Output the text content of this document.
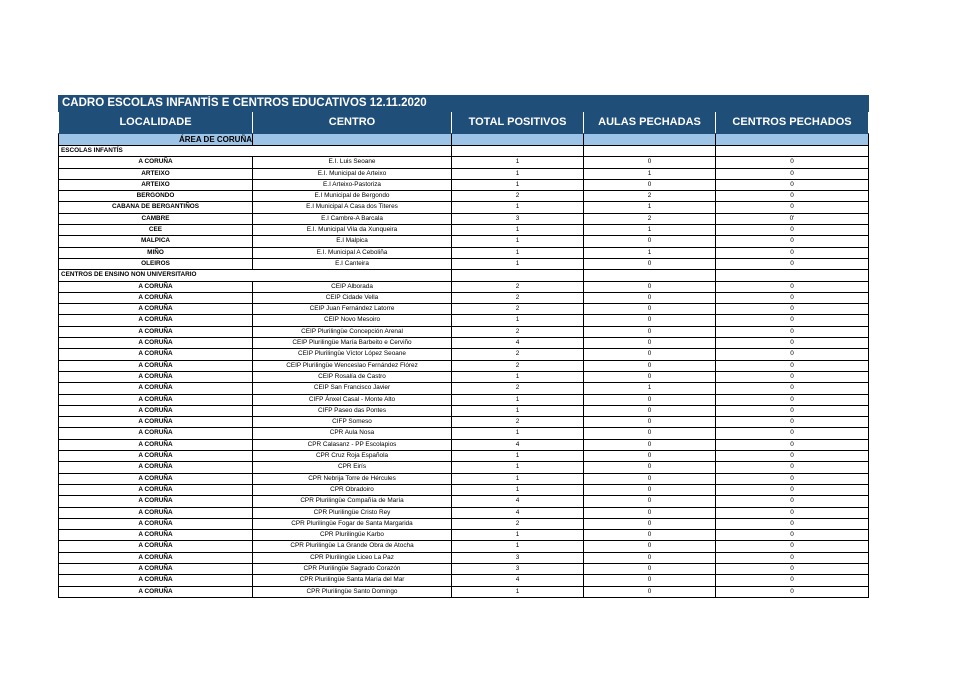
CADRO ESCOLAS INFANTÍS E CENTROS EDUCATIVOS 12.11.2020				
LOCALIDADE	CENTRO	TOTAL POSITIVOS	AULAS PECHADAS	CENTROS PECHADOS
ÁREA DE CORUÑA				
ESCOLAS INFANTÍS				
A CORUÑA	E.I. Luis Seoane	1	0	0
ARTEIXO	E.I. Municipal de Arteixo	1	1	0
ARTEIXO	E.I Arteixo-Pastoriza	1	0	0
BERGONDO	E.I Municipal de Bergondo	2	2	0
CABANA DE BERGANTIÑOS	E.I Municipal A Casa dos Titeres	1	1	0
CAMBRE	E.I Cambre-A Barcala	3	2	0'
CEE	E.I. Municipal Vila da Xunqueira	1	1	0
MALPICA	E.I Malpica	1	0	0
MIÑO	E.I. Municipal A Ceboliña	1	1	0
OLEIROS	E.I Canteira	1	0	0
CENTROS DE ENSINO NON UNIVERSITARIO				
A CORUÑA	CEIP Alborada	2	0	0
A CORUÑA	CEIP Cidade Vella	2	0	0
A CORUÑA	CEIP Juan Fernández Latorre	2	0	0
A CORUÑA	CEIP Novo Mesoiro	1	0	0
A CORUÑA	CEIP Plurilingüe Concepción Arenal	2	0	0
A CORUÑA	CEIP Plurilingüe María Barbeito e Cerviño	4	0	0
A CORUÑA	CEIP Plurilingüe Víctor López Seoane	2	0	0
A CORUÑA	CEIP Plurilingüe Wenceslao Fernández Flórez	2	0	0
A CORUÑA	CEIP Rosalía de Castro	1	0	0
A CORUÑA	CEIP San Francisco Javier	2	1	0
A CORUÑA	CIFP Ánxel Casal - Monte Alto	1	0	0
A CORUÑA	CIFP Paseo das Pontes	1	0	0
A CORUÑA	CIFP Someso	2	0	0
A CORUÑA	CPR Aula Nosa	1	0	0
A CORUÑA	CPR Calasanz - PP Escolapios	4	0	0
A CORUÑA	CPR Cruz Roja Española	1	0	0
A CORUÑA	CPR Eirís	1	0	0
A CORUÑA	CPR Nebrija Torre de Hércules	1	0	0
A CORUÑA	CPR Obradoiro	1	0	0
A CORUÑA	CPR Plurilingüe Compañía de María	4	0	0
A CORUÑA	CPR Plurilingüe Cristo Rey	4	0	0
A CORUÑA	CPR Plurilingüe Fogar de Santa Margarida	2	0	0
A CORUÑA	CPR Plurilingüe Karbo	1	0	0
A CORUÑA	CPR Plurilingüe La Grande Obra de Atocha	1	0	0
A CORUÑA	CPR Plurilingüe Liceo La Paz	3	0	0
A CORUÑA	CPR Plurilingüe Sagrado Corazón	3	0	0
A CORUÑA	CPR Plurilingüe Santa María del Mar	4	0	0
A CORUÑA	CPR Plurilingüe Santo Domingo	1	0	0
